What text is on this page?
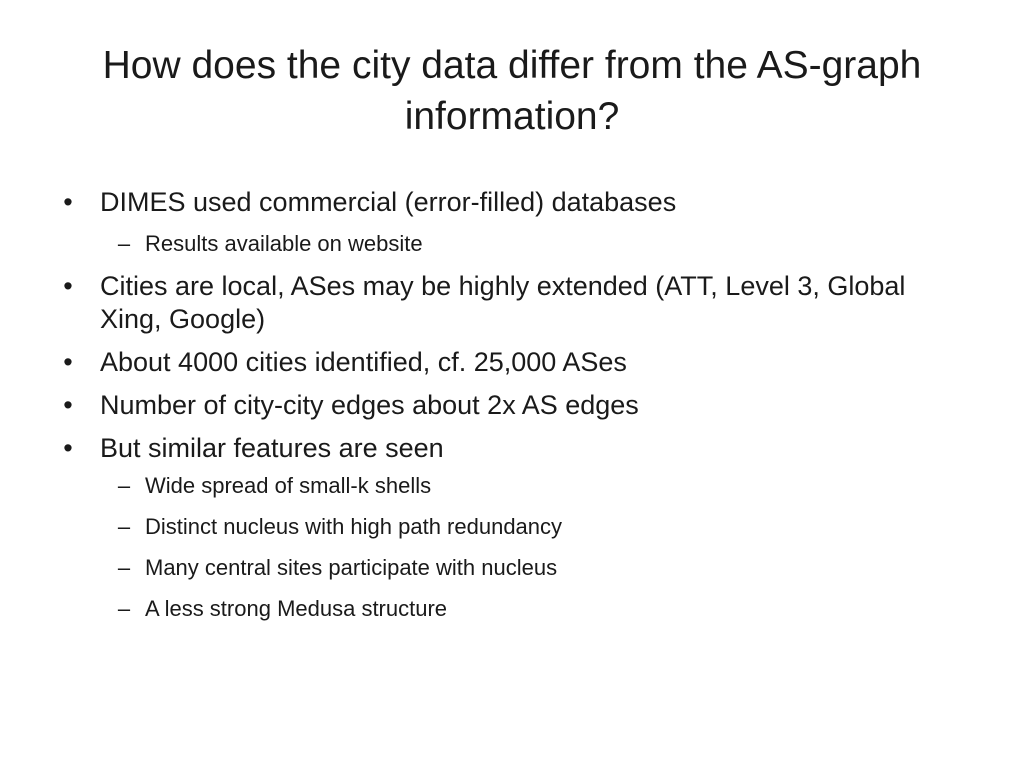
How does the city data differ from the AS-graph information?
• DIMES used commercial (error-filled) databases
– Results available on website
• Cities are local, ASes may be highly extended (ATT, Level 3, Global Xing, Google)
• About 4000 cities identified, cf. 25,000 ASes
• Number of city-city edges about 2x AS edges
• But similar features are seen
– Wide spread of small-k shells
– Distinct nucleus with high path redundancy
– Many central sites participate with nucleus
– A less strong Medusa structure
